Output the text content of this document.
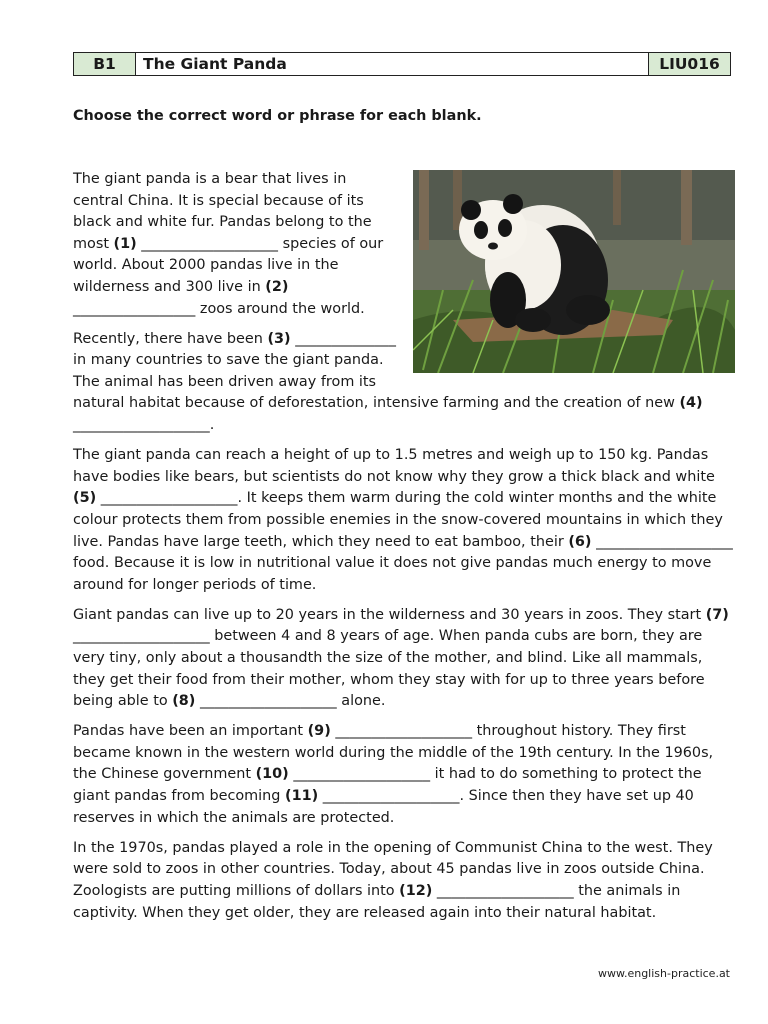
B1	The Giant Panda	LIU016
Choose the correct word or phrase for each blank.

The giant panda is a bear that lives in central China. It is special because of its black and white fur. Pandas belong to the most (1) ___________________ species of our world. About 2000 pandas live in the wilderness and 300 live in (2) _________________ zoos around the world.

Recently, there have been (3) ______________ in many countries to save the giant panda. The animal has been driven away from its natural habitat because of deforestation, intensive farming and the creation of new (4) ___________________.

The giant panda can reach a height of up to 1.5 metres and weigh up to 150 kg. Pandas have bodies like bears, but scientists do not know why they grow a thick black and white (5) ___________________. It keeps them warm during the cold winter months and the white colour protects them from possible enemies in the snow-covered mountains in which they live. Pandas have large teeth, which they need to eat bamboo, their (6) ___________________ food. Because it is low in nutritional value it does not give pandas much energy to move around for longer periods of time.

Giant pandas can live up to 20 years in the wilderness and 30 years in zoos. They start (7) ___________________ between 4 and 8 years of age. When panda cubs are born, they are very tiny, only about a thousandth the size of the mother, and blind. Like all mammals, they get their food from their mother, whom they stay with for up to three years before being able to (8) ___________________ alone.

Pandas have been an important (9) ___________________ throughout history. They first became known in the western world during the middle of the 19th century. In the 1960s, the Chinese government (10) ___________________ it had to do something to protect the giant pandas from becoming (11) ___________________. Since then they have set up 40 reserves in which the animals are protected.

In the 1970s, pandas played a role in the opening of Communist China to the west. They were sold to zoos in other countries. Today, about 45 pandas live in zoos outside China. Zoologists are putting millions of dollars into (12) ___________________ the animals in captivity. When they get older, they are released again into their natural habitat.

www.english-practice.at
